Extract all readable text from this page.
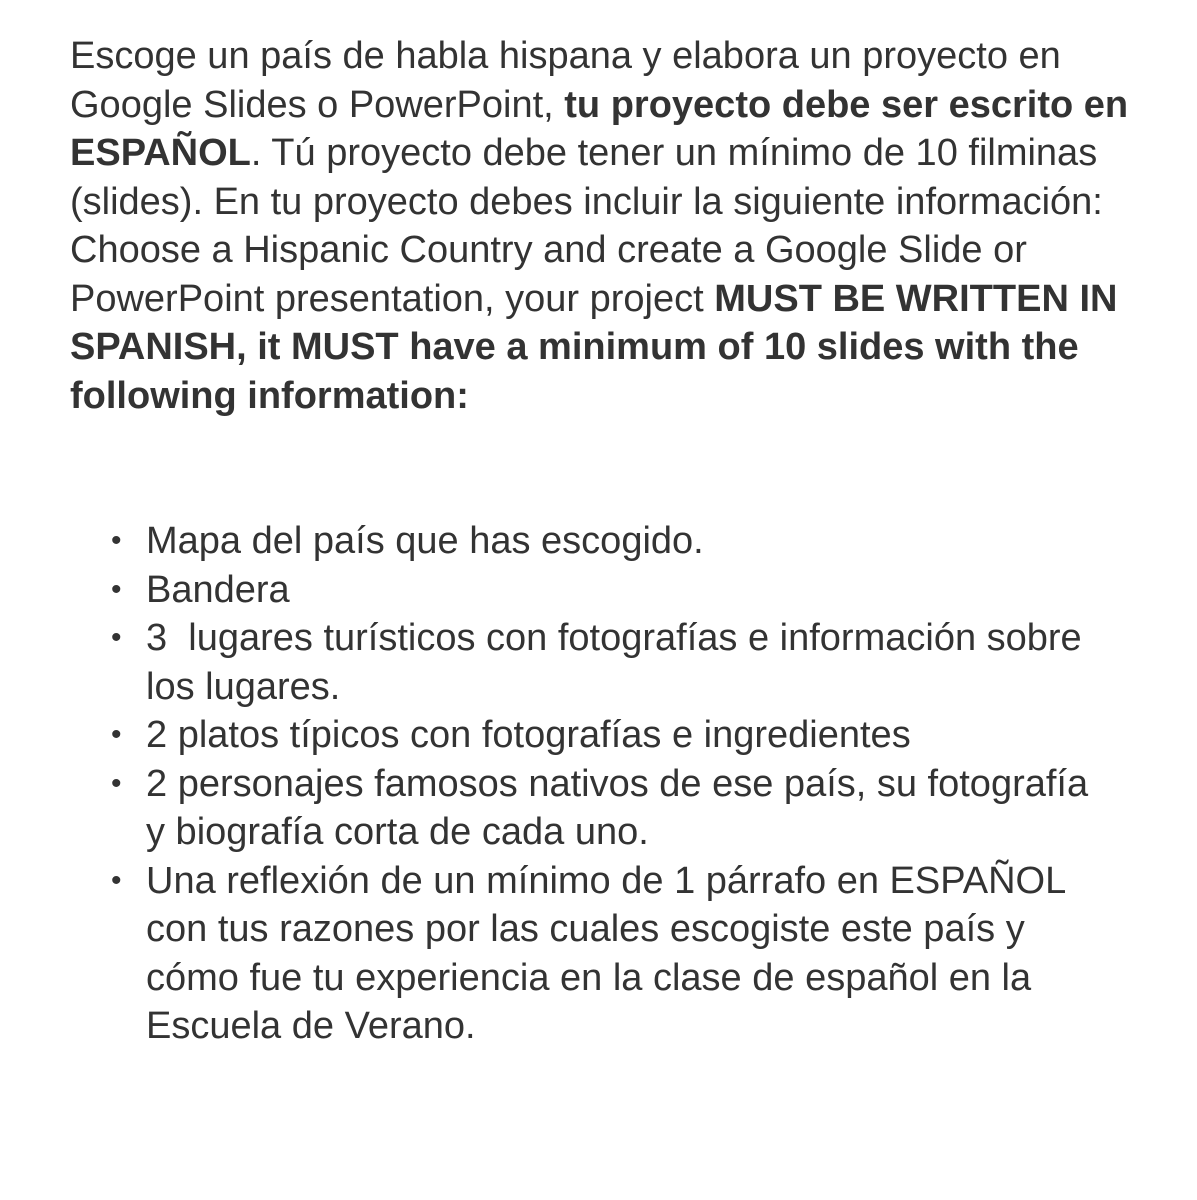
Escoge un país de habla hispana y elabora un proyecto en Google Slides o PowerPoint, tu proyecto debe ser escrito en ESPAÑOL. Tú proyecto debe tener un mínimo de 10 filminas (slides). En tu proyecto debes incluir la siguiente información:

Choose a Hispanic Country and create a Google Slide or PowerPoint presentation, your project MUST BE WRITTEN IN SPANISH, it MUST have a minimum of 10 slides with the following information:

• Mapa del país que has escogido.
• Bandera
• 3  lugares turísticos con fotografías e información sobre los lugares.
• 2 platos típicos con fotografías e ingredientes
• 2 personajes famosos nativos de ese país, su fotografía y biografía corta de cada uno.
• Una reflexión de un mínimo de 1 párrafo en ESPAÑOL con tus razones por las cuales escogiste este país y cómo fue tu experiencia en la clase de español en la Escuela de Verano.
